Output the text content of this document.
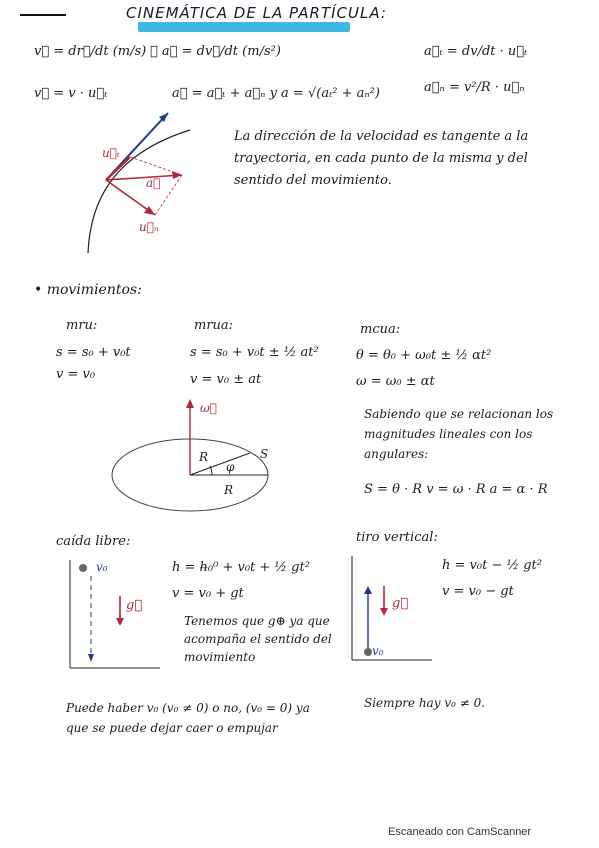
CINEMÁTICA DE LA PARTÍCULA:
v⃗ = dr⃗/dt (m/s)
v⃗ = v · u⃗ₜ
➝ a⃗ = dv⃗/dt (m/s²)
a⃗ = a⃗ₜ + a⃗ₙ y a = √(aₜ² + aₙ²)
a⃗ₜ = dv/dt · u⃗ₜ
a⃗ₙ = v²/R · u⃗ₙ
u⃗ₜ
a⃗
u⃗ₙ
La dirección de la velocidad es tangente a la trayectoria, en cada punto de la misma y del sentido del movimiento.
• movimientos:
mru:
s = s₀ + v₀t
v = v₀
mrua:
s = s₀ + v₀t ± ½ at²
v = v₀ ± at
mcua:
θ = θ₀ + ω₀t ± ½ αt²
ω = ω₀ ± αt
Sabiendo que se relacionan los magnitudes lineales con los angulares:
S = θ · R v = ω · R a = α · R
ω⃗
R
φ
S
R
caída libre:
v₀
g⃗
h = h̶₀⁰ + v₀t + ½ gt²
v = v₀ + gt
Tenemos que g⊕ ya que acompaña el sentido del movimiento
Puede haber v₀ (v₀ ≠ 0) o no, (v₀ = 0) ya que se puede dejar caer o empujar
tiro vertical:
g⃗
v₀
h = v₀t − ½ gt²
v = v₀ − gt
Siempre hay v₀ ≠ 0.
Escaneado con CamScanner
